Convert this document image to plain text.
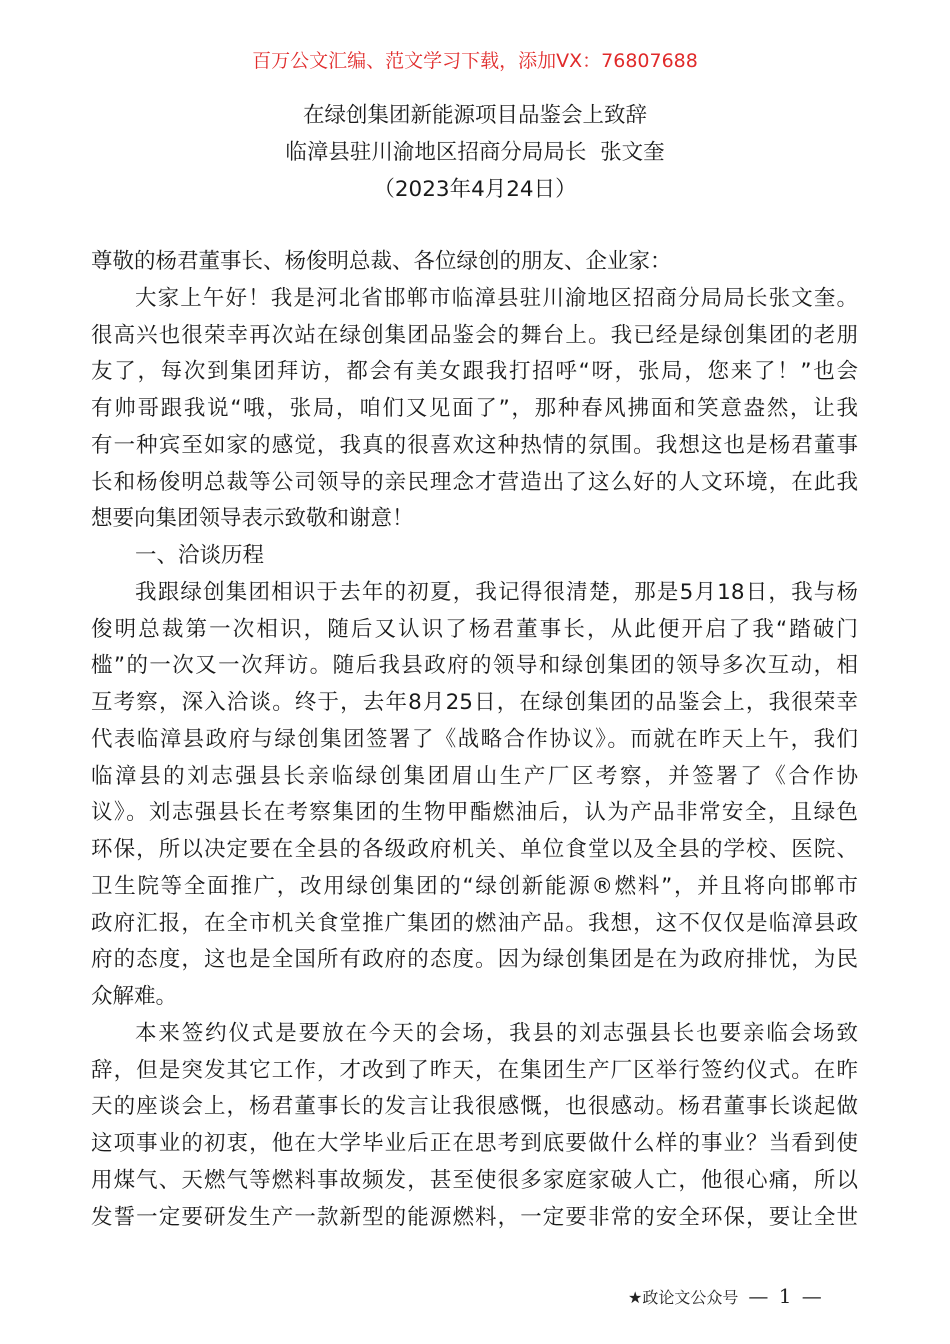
百万公文汇编、范文学习下载，添加VX：76807688
在绿创集团新能源项目品鉴会上致辞
临漳县驻川渝地区招商分局局长  张文奎
（2023年4月24日）
尊敬的杨君董事长、杨俊明总裁、各位绿创的朋友、企业家：
大家上午好！我是河北省邯郸市临漳县驻川渝地区招商分局局长张文奎。
很高兴也很荣幸再次站在绿创集团品鉴会的舞台上。我已经是绿创集团的老朋
友了，每次到集团拜访，都会有美女跟我打招呼“呀，张局，您来了！”也会
有帅哥跟我说“哦，张局，咱们又见面了”，那种春风拂面和笑意盎然，让我
有一种宾至如家的感觉，我真的很喜欢这种热情的氛围。我想这也是杨君董事
长和杨俊明总裁等公司领导的亲民理念才营造出了这么好的人文环境，在此我
想要向集团领导表示致敬和谢意！
一、洽谈历程
我跟绿创集团相识于去年的初夏，我记得很清楚，那是5月18日，我与杨
俊明总裁第一次相识，随后又认识了杨君董事长，从此便开启了我“踏破门
槛”的一次又一次拜访。随后我县政府的领导和绿创集团的领导多次互动，相
互考察，深入洽谈。终于，去年8月25日，在绿创集团的品鉴会上，我很荣幸
代表临漳县政府与绿创集团签署了《战略合作协议》。而就在昨天上午，我们
临漳县的刘志强县长亲临绿创集团眉山生产厂区考察，并签署了《合作协
议》。刘志强县长在考察集团的生物甲酯燃油后，认为产品非常安全，且绿色
环保，所以决定要在全县的各级政府机关、单位食堂以及全县的学校、医院、
卫生院等全面推广，改用绿创集团的“绿创新能源®燃料”，并且将向邯郸市
政府汇报，在全市机关食堂推广集团的燃油产品。我想，这不仅仅是临漳县政
府的态度，这也是全国所有政府的态度。因为绿创集团是在为政府排忧，为民
众解难。
本来签约仪式是要放在今天的会场，我县的刘志强县长也要亲临会场致
辞，但是突发其它工作，才改到了昨天，在集团生产厂区举行签约仪式。在昨
天的座谈会上，杨君董事长的发言让我很感慨，也很感动。杨君董事长谈起做
这项事业的初衷，他在大学毕业后正在思考到底要做什么样的事业？当看到使
用煤气、天燃气等燃料事故频发，甚至使很多家庭家破人亡，他很心痛，所以
发誓一定要研发生产一款新型的能源燃料，一定要非常的安全环保，要让全世
★政论文公众号 — 1 —
